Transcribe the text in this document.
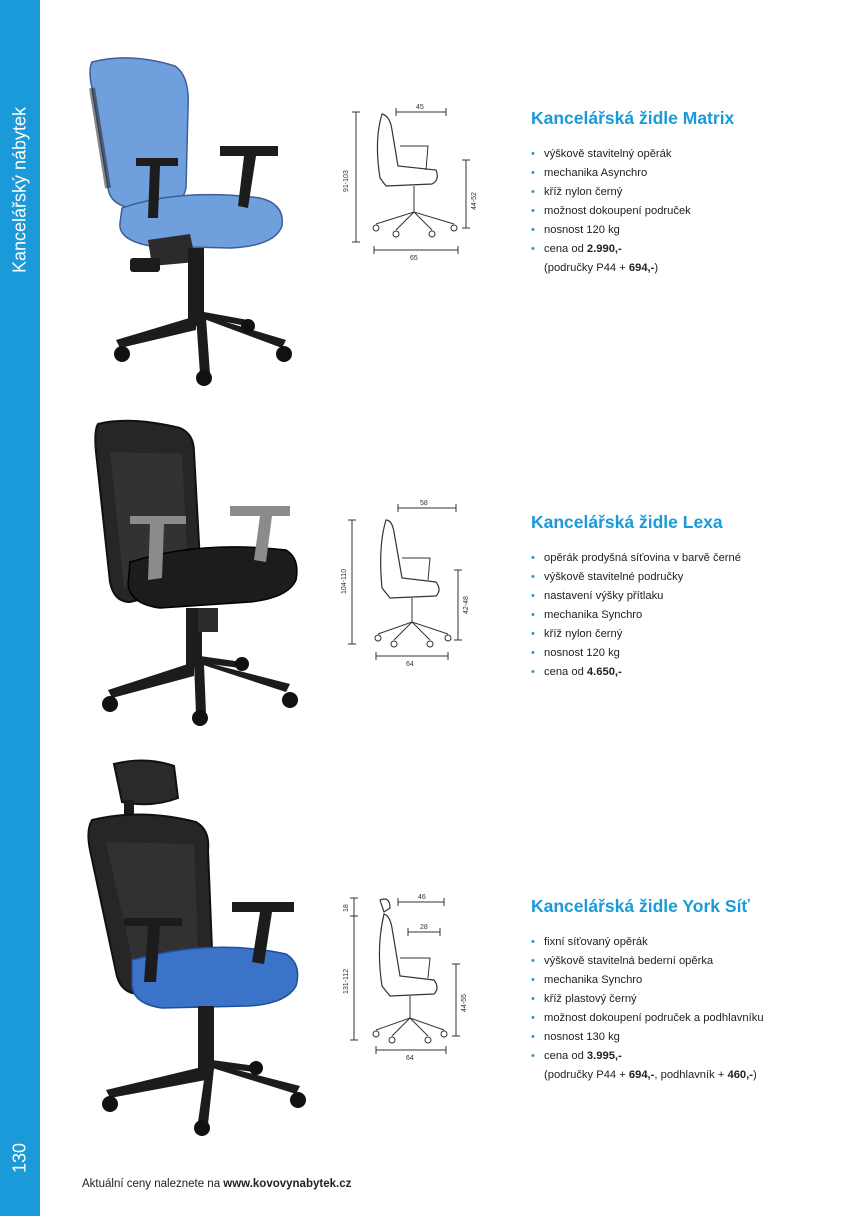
Kancelářský nábytek
130
45
91-103
44-52
65
Kancelářská židle Matrix
• výškově stavitelný opěrák
• mechanika Asynchro
• kříž nylon černý
• možnost dokoupení područek
• nosnost 120 kg
• cena od 2.990,-
(područky P44 + 694,-)
58
104-110
42-48
64
Kancelářská židle Lexa
• opěrák prodyšná síťovina v barvě černé
• výškově stavitelné područky
• nastavení výšky přítlaku
• mechanika Synchro
• kříž nylon černý
• nosnost 120 kg
• cena od 4.650,-
46
28
18
131-112
44-55
64
Kancelářská židle York Síť
• fixní síťovaný opěrák
• výškově stavitelná bederní opěrka
• mechanika Synchro
• kříž plastový černý
• možnost dokoupení područek a podhlavníku
• nosnost 130 kg
• cena od 3.995,-
(područky P44 + 694,-, podhlavník + 460,-)
Aktuální ceny naleznete na www.kovovynabytek.cz
